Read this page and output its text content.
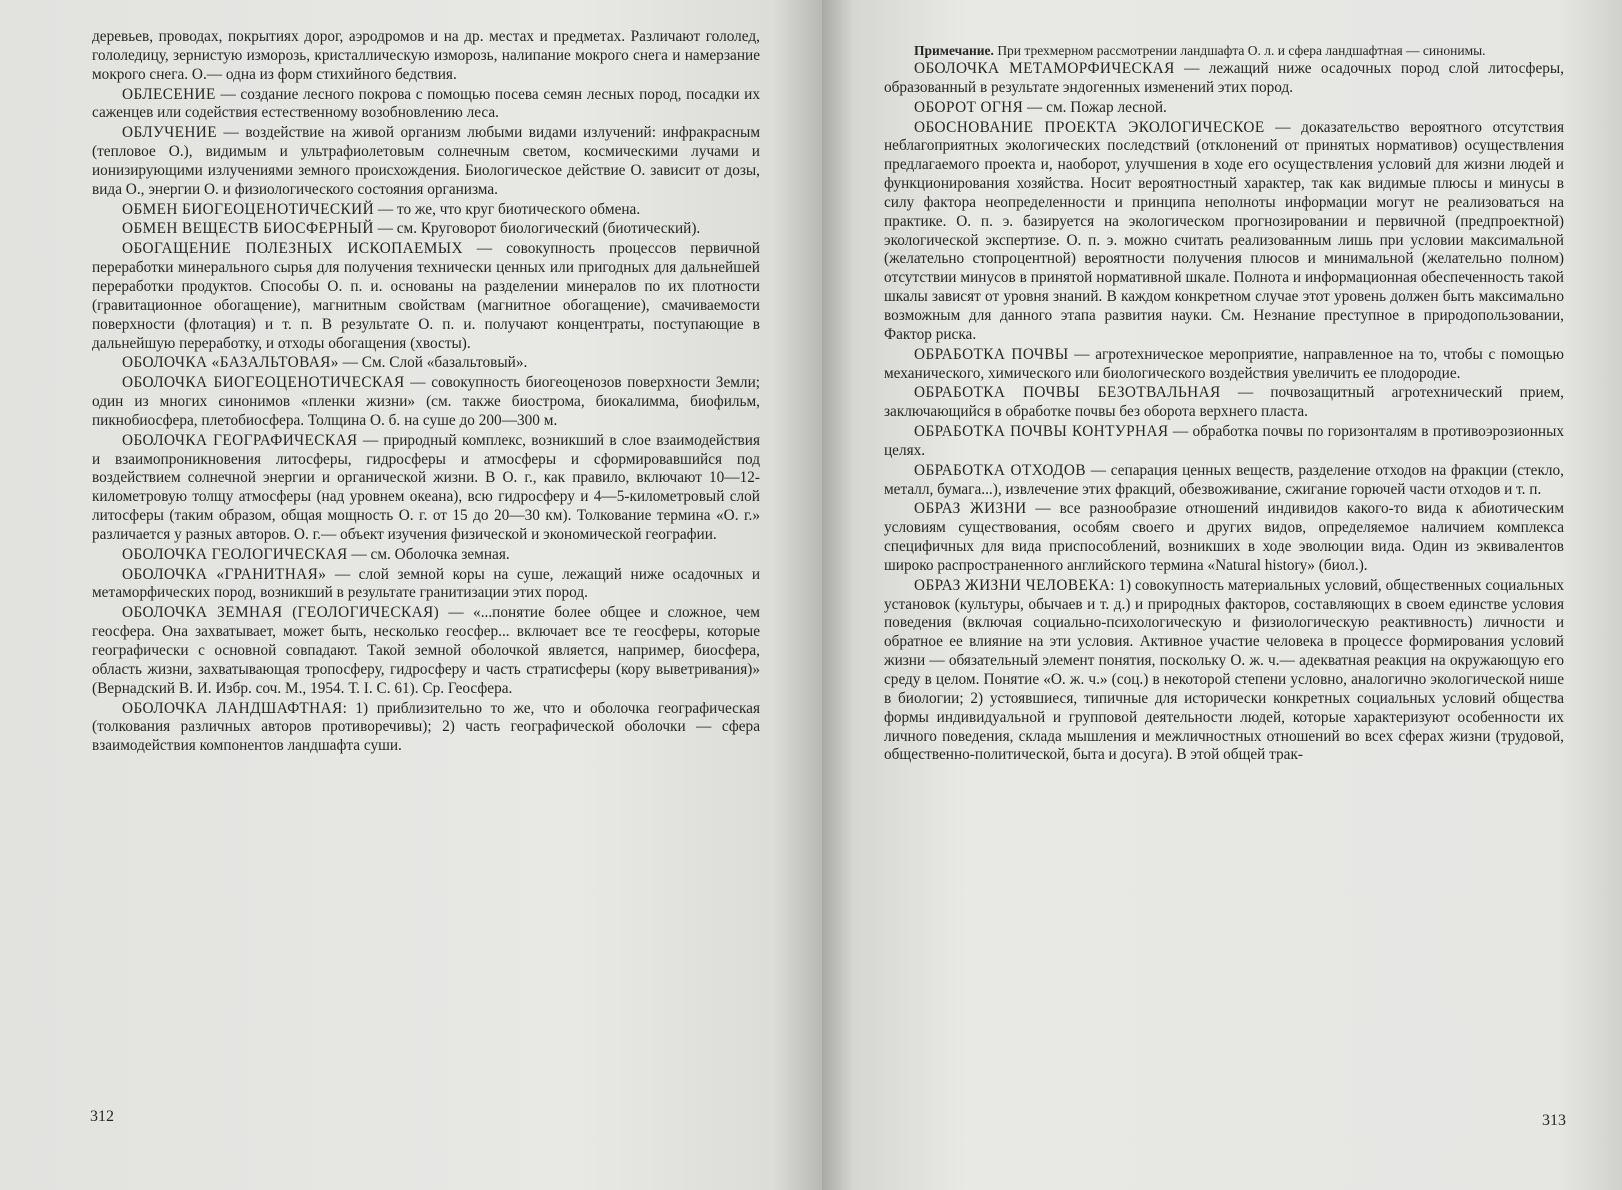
деревьев, проводах, покрытиях дорог, аэродромов и на др. местах и предметах. Различают гололед, гололедицу, зернистую изморозь, кристаллическую изморозь, налипание мокрого снега и намерзание мокрого снега. О.— одна из форм стихийного бедствия.

ОБЛЕСЕНИЕ — создание лесного покрова с помощью посева семян лесных пород, посадки их саженцев или содействия естественному возобновлению леса.

ОБЛУЧЕНИЕ — воздействие на живой организм любыми видами излучений: инфракрасным (тепловое О.), видимым и ультрафиолетовым солнечным светом, космическими лучами и ионизирующими излучениями земного происхождения. Биологическое действие О. зависит от дозы, вида О., энергии О. и физиологического состояния организма.

ОБМЕН БИОГЕОЦЕНОТИЧЕСКИЙ — то же, что круг биотического обмена.

ОБМЕН ВЕЩЕСТВ БИОСФЕРНЫЙ — см. Круговорот биологический (биотический).

ОБОГАЩЕНИЕ ПОЛЕЗНЫХ ИСКОПАЕМЫХ — совокупность процессов первичной переработки минерального сырья для получения технически ценных или пригодных для дальнейшей переработки продуктов. Способы О. п. и. основаны на разделении минералов по их плотности (гравитационное обогащение), магнитным свойствам (магнитное обогащение), смачиваемости поверхности (флотация) и т. п. В результате О. п. и. получают концентраты, поступающие в дальнейшую переработку, и отходы обогащения (хвосты).

ОБОЛОЧКА «БАЗАЛЬТОВАЯ» — См. Слой «базальтовый».

ОБОЛОЧКА БИОГЕОЦЕНОТИЧЕСКАЯ — совокупность биогеоценозов поверхности Земли; один из многих синонимов «пленки жизни» (см. также биострома, биокалимма, биофильм, пикнобиосфера, плетобиосфера. Толщина О. б. на суше до 200—300 м.

ОБОЛОЧКА ГЕОГРАФИЧЕСКАЯ — природный комплекс, возникший в слое взаимодействия и взаимопроникновения литосферы, гидросферы и атмосферы и сформировавшийся под воздействием солнечной энергии и органической жизни. В О. г., как правило, включают 10—12-километровую толщу атмосферы (над уровнем океана), всю гидросферу и 4—5-километровый слой литосферы (таким образом, общая мощность О. г. от 15 до 20—30 км). Толкование термина «О. г.» различается у разных авторов. О. г.— объект изучения физической и экономической географии.

ОБОЛОЧКА ГЕОЛОГИЧЕСКАЯ — см. Оболочка земная.

ОБОЛОЧКА «ГРАНИТНАЯ» — слой земной коры на суше, лежащий ниже осадочных и метаморфических пород, возникший в результате гранитизации этих пород.

ОБОЛОЧКА ЗЕМНАЯ (ГЕОЛОГИЧЕСКАЯ) — «...понятие более общее и сложное, чем геосфера. Она захватывает, может быть, несколько геосфер... включает все те геосферы, которые географически с основной совпадают. Такой земной оболочкой является, например, биосфера, область жизни, захватывающая тропосферу, гидросферу и часть стратисферы (кору выветривания)» (Вернадский В. И. Избр. соч. М., 1954. Т. I. С. 61). Ср. Геосфера.

ОБОЛОЧКА ЛАНДШАФТНАЯ: 1) приблизительно то же, что и оболочка географическая (толкования различных авторов противоречивы); 2) часть географической оболочки — сфера взаимодействия компонентов ландшафта суши.

312

Примечание. При трехмерном рассмотрении ландшафта О. л. и сфера ландшафтная — синонимы.

ОБОЛОЧКА МЕТАМОРФИЧЕСКАЯ — лежащий ниже осадочных пород слой литосферы, образованный в результате эндогенных изменений этих пород.

ОБОРОТ ОГНЯ — см. Пожар лесной.

ОБОСНОВАНИЕ ПРОЕКТА ЭКОЛОГИЧЕСКОЕ — доказательство вероятного отсутствия неблагоприятных экологических последствий (отклонений от принятых нормативов) осуществления предлагаемого проекта и, наоборот, улучшения в ходе его осуществления условий для жизни людей и функционирования хозяйства. Носит вероятностный характер, так как видимые плюсы и минусы в силу фактора неопределенности и принципа неполноты информации могут не реализоваться на практике. О. п. э. базируется на экологическом прогнозировании и первичной (предпроектной) экологической экспертизе. О. п. э. можно считать реализованным лишь при условии максимальной (желательно стопроцентной) вероятности получения плюсов и минимальной (желательно полном) отсутствии минусов в принятой нормативной шкале. Полнота и информационная обеспеченность такой шкалы зависят от уровня знаний. В каждом конкретном случае этот уровень должен быть максимально возможным для данного этапа развития науки. См. Незнание преступное в природопользовании, Фактор риска.

ОБРАБОТКА ПОЧВЫ — агротехническое мероприятие, направленное на то, чтобы с помощью механического, химического или биологического воздействия увеличить ее плодородие.

ОБРАБОТКА ПОЧВЫ БЕЗОТВАЛЬНАЯ — почвозащитный агротехнический прием, заключающийся в обработке почвы без оборота верхнего пласта.

ОБРАБОТКА ПОЧВЫ КОНТУРНАЯ — обработка почвы по горизонталям в противоэрозионных целях.

ОБРАБОТКА ОТХОДОВ — сепарация ценных веществ, разделение отходов на фракции (стекло, металл, бумага...), извлечение этих фракций, обезвоживание, сжигание горючей части отходов и т. п.

ОБРАЗ ЖИЗНИ — все разнообразие отношений индивидов какого-то вида к абиотическим условиям существования, особям своего и других видов, определяемое наличием комплекса специфичных для вида приспособлений, возникших в ходе эволюции вида. Один из эквивалентов широко распространенного английского термина «Natural history» (биол.).

ОБРАЗ ЖИЗНИ ЧЕЛОВЕКА: 1) совокупность материальных условий, общественных социальных установок (культуры, обычаев и т. д.) и природных факторов, составляющих в своем единстве условия поведения (включая социально-психологическую и физиологическую реактивность) личности и обратное ее влияние на эти условия. Активное участие человека в процессе формирования условий жизни — обязательный элемент понятия, поскольку О. ж. ч.— адекватная реакция на окружающую его среду в целом. Понятие «О. ж. ч.» (соц.) в некоторой степени условно, аналогично экологической нише в биологии; 2) устоявшиеся, типичные для исторически конкретных социальных условий общества формы индивидуальной и групповой деятельности людей, которые характеризуют особенности их личного поведения, склада мышления и межличностных отношений во всех сферах жизни (трудовой, общественно-политической, быта и досуга). В этой общей трак-

313
